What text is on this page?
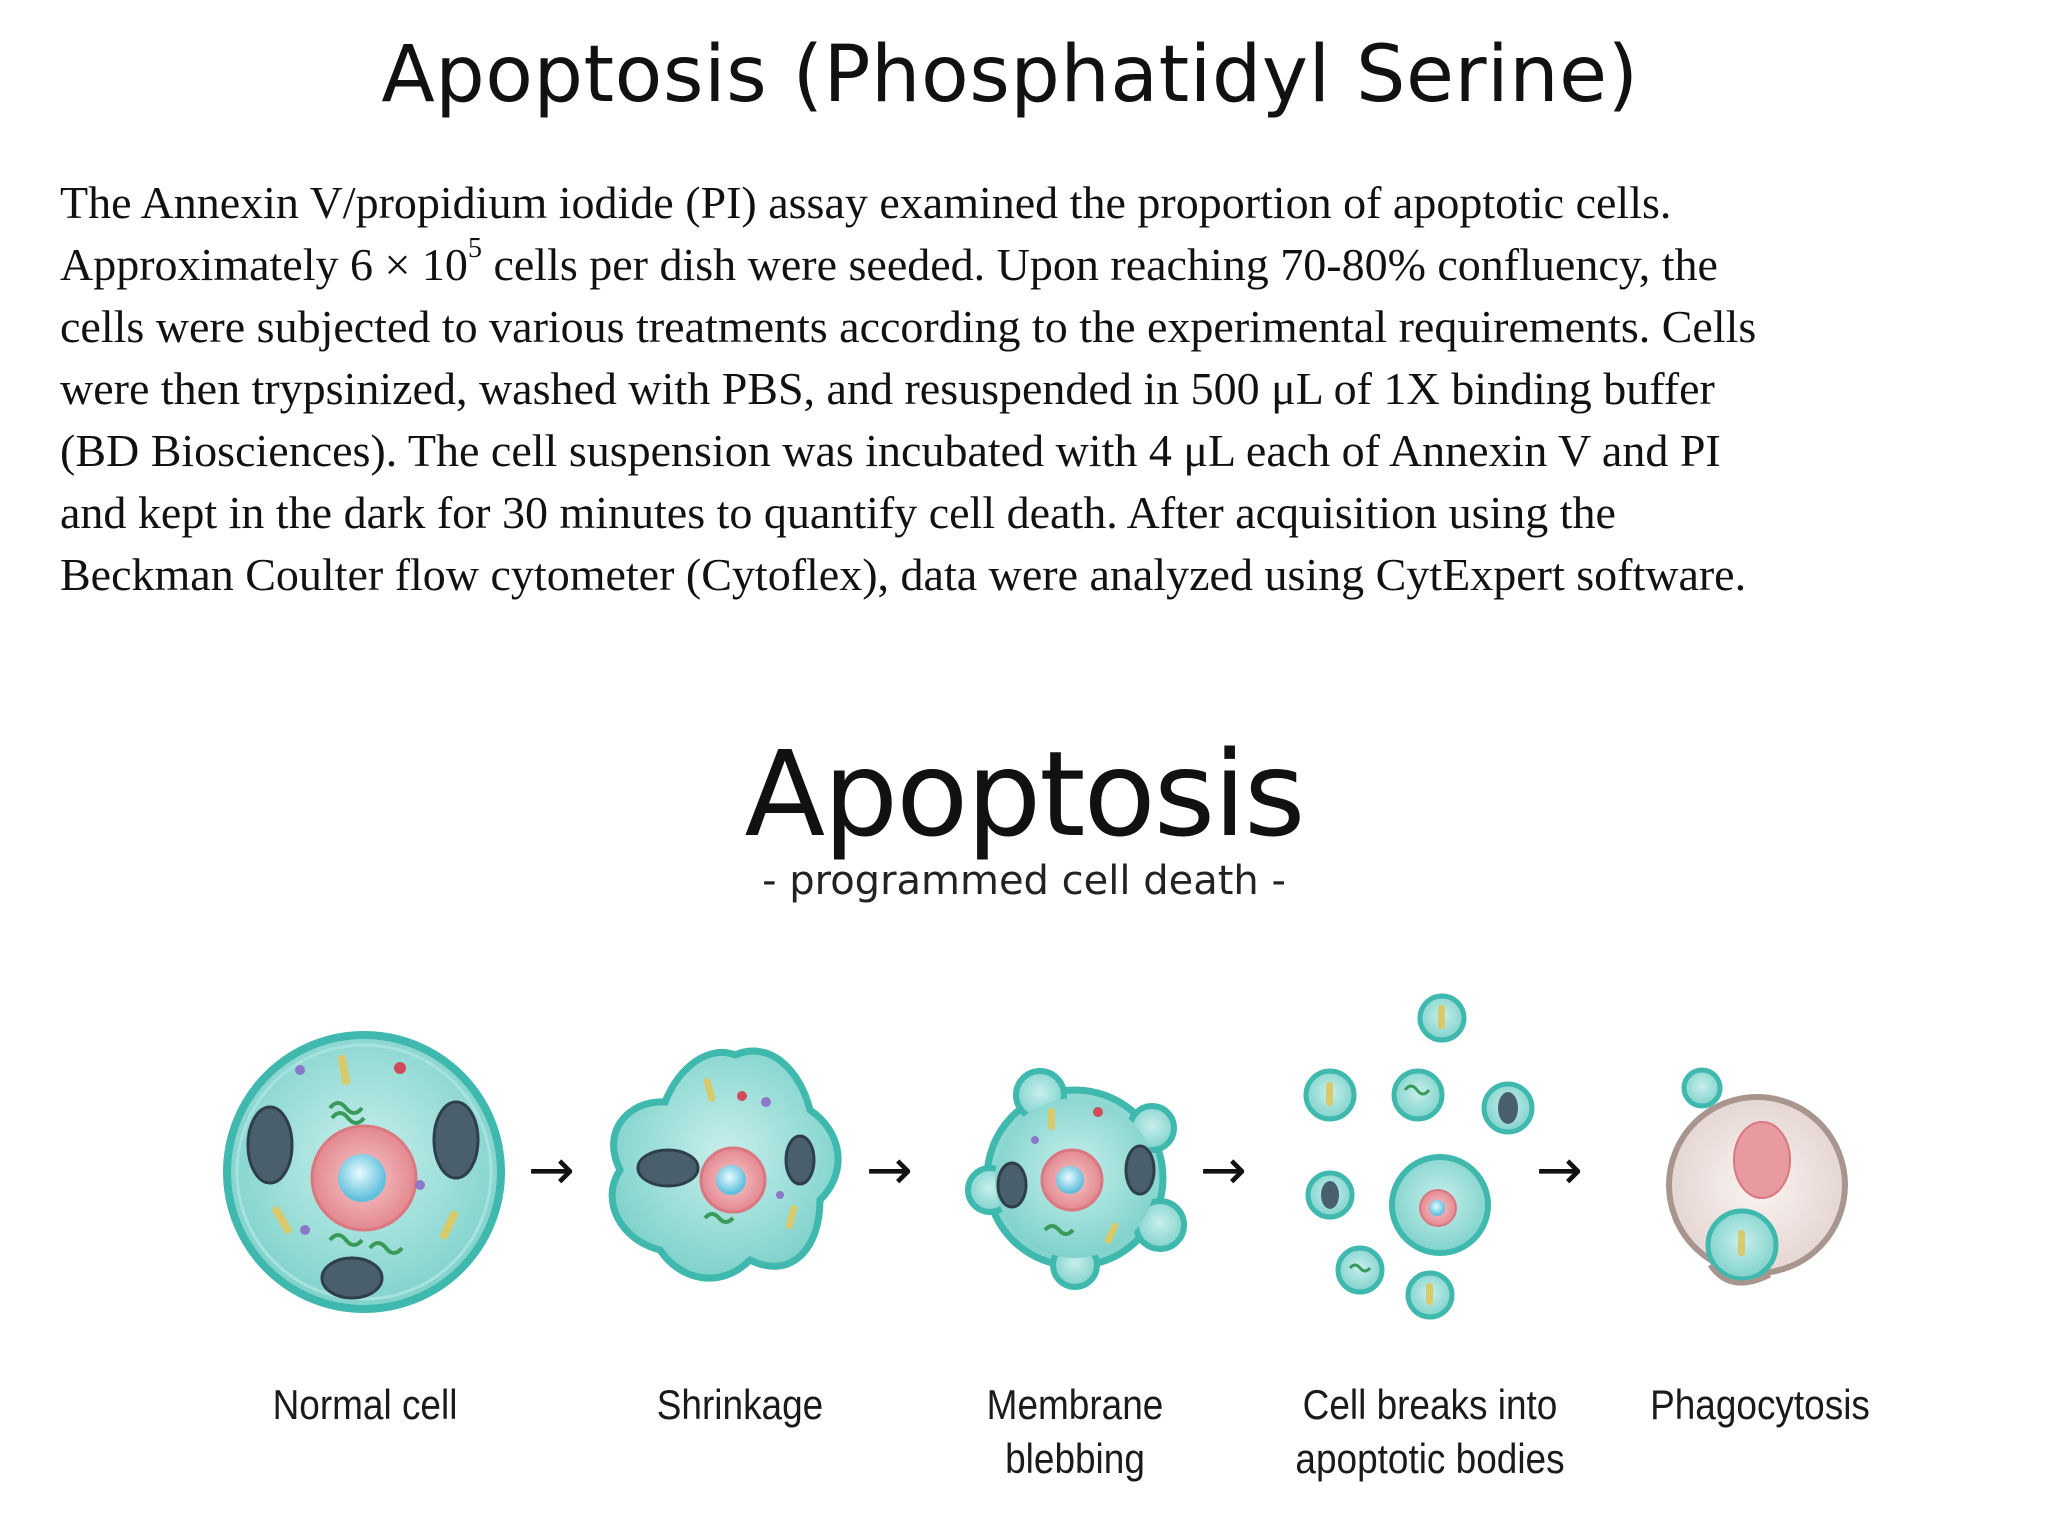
Apoptosis (Phosphatidyl Serine)

The Annexin V/propidium iodide (PI) assay examined the proportion of apoptotic cells.
Approximately $6 \times 10^5$ cells per dish were seeded. Upon reaching 70-80% confluency, the
cells were subjected to various treatments according to the experimental requirements. Cells
were then trypsinized, washed with PBS, and resuspended in 500 μL of 1X binding buffer
(BD Biosciences). The cell suspension was incubated with 4 μL each of Annexin V and PI
and kept in the dark for 30 minutes to quantify cell death. After acquisition using the
Beckman Coulter flow cytometer (Cytoflex), data were analyzed using CytExpert software.

Apoptosis
- programmed cell death -
→	→	→	→
Normal cell	Shrinkage	Membrane
blebbing
Cell breaks into
apoptotic bodies
Phagocytosis
